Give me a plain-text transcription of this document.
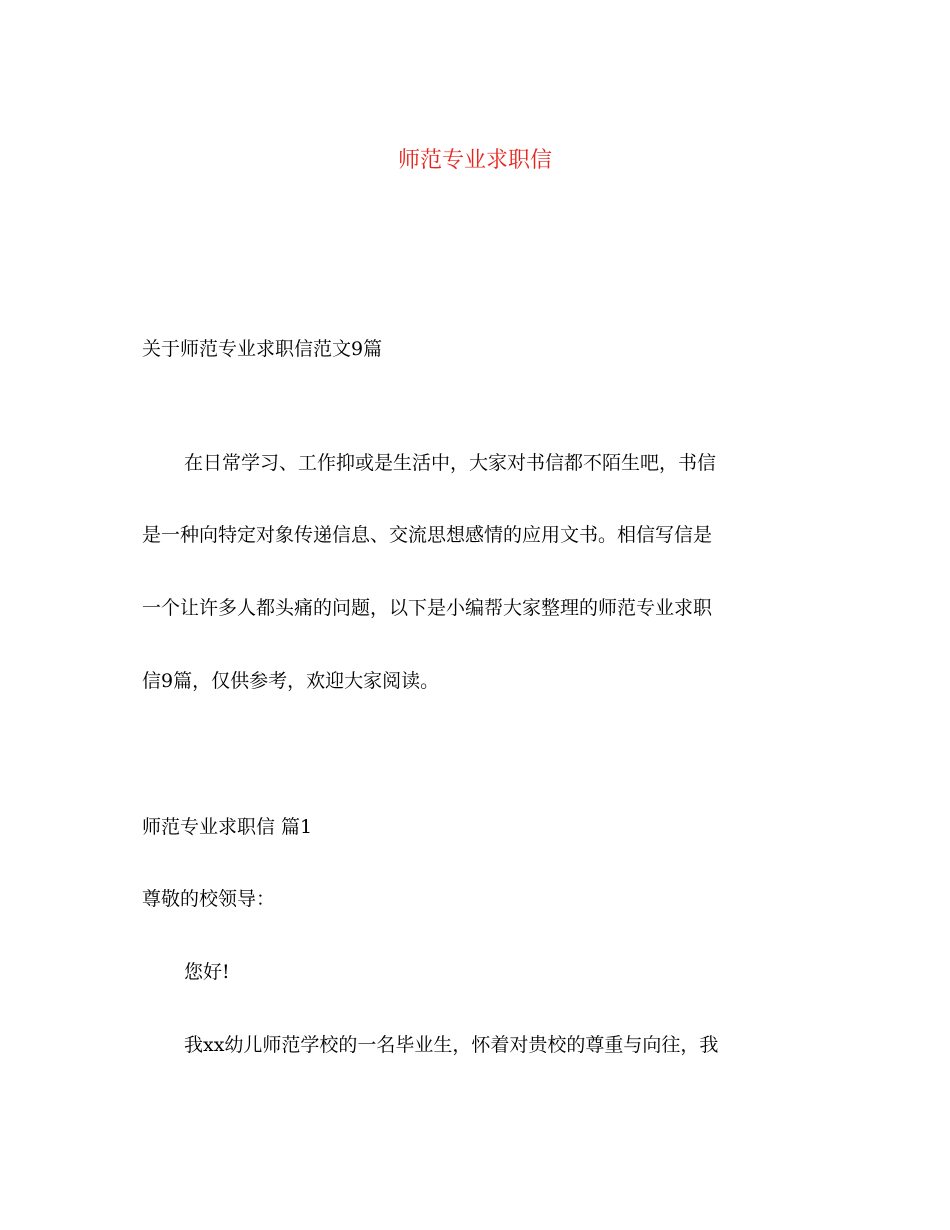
师范专业求职信

关于师范专业求职信范文9篇

在日常学习、工作抑或是生活中，大家对书信都不陌生吧，书信

是一种向特定对象传递信息、交流思想感情的应用文书。相信写信是

一个让许多人都头痛的问题，以下是小编帮大家整理的师范专业求职

信9篇，仅供参考，欢迎大家阅读。

师范专业求职信 篇1

尊敬的校领导：

您好!

我xx幼儿师范学校的一名毕业生，怀着对贵校的尊重与向往，我
